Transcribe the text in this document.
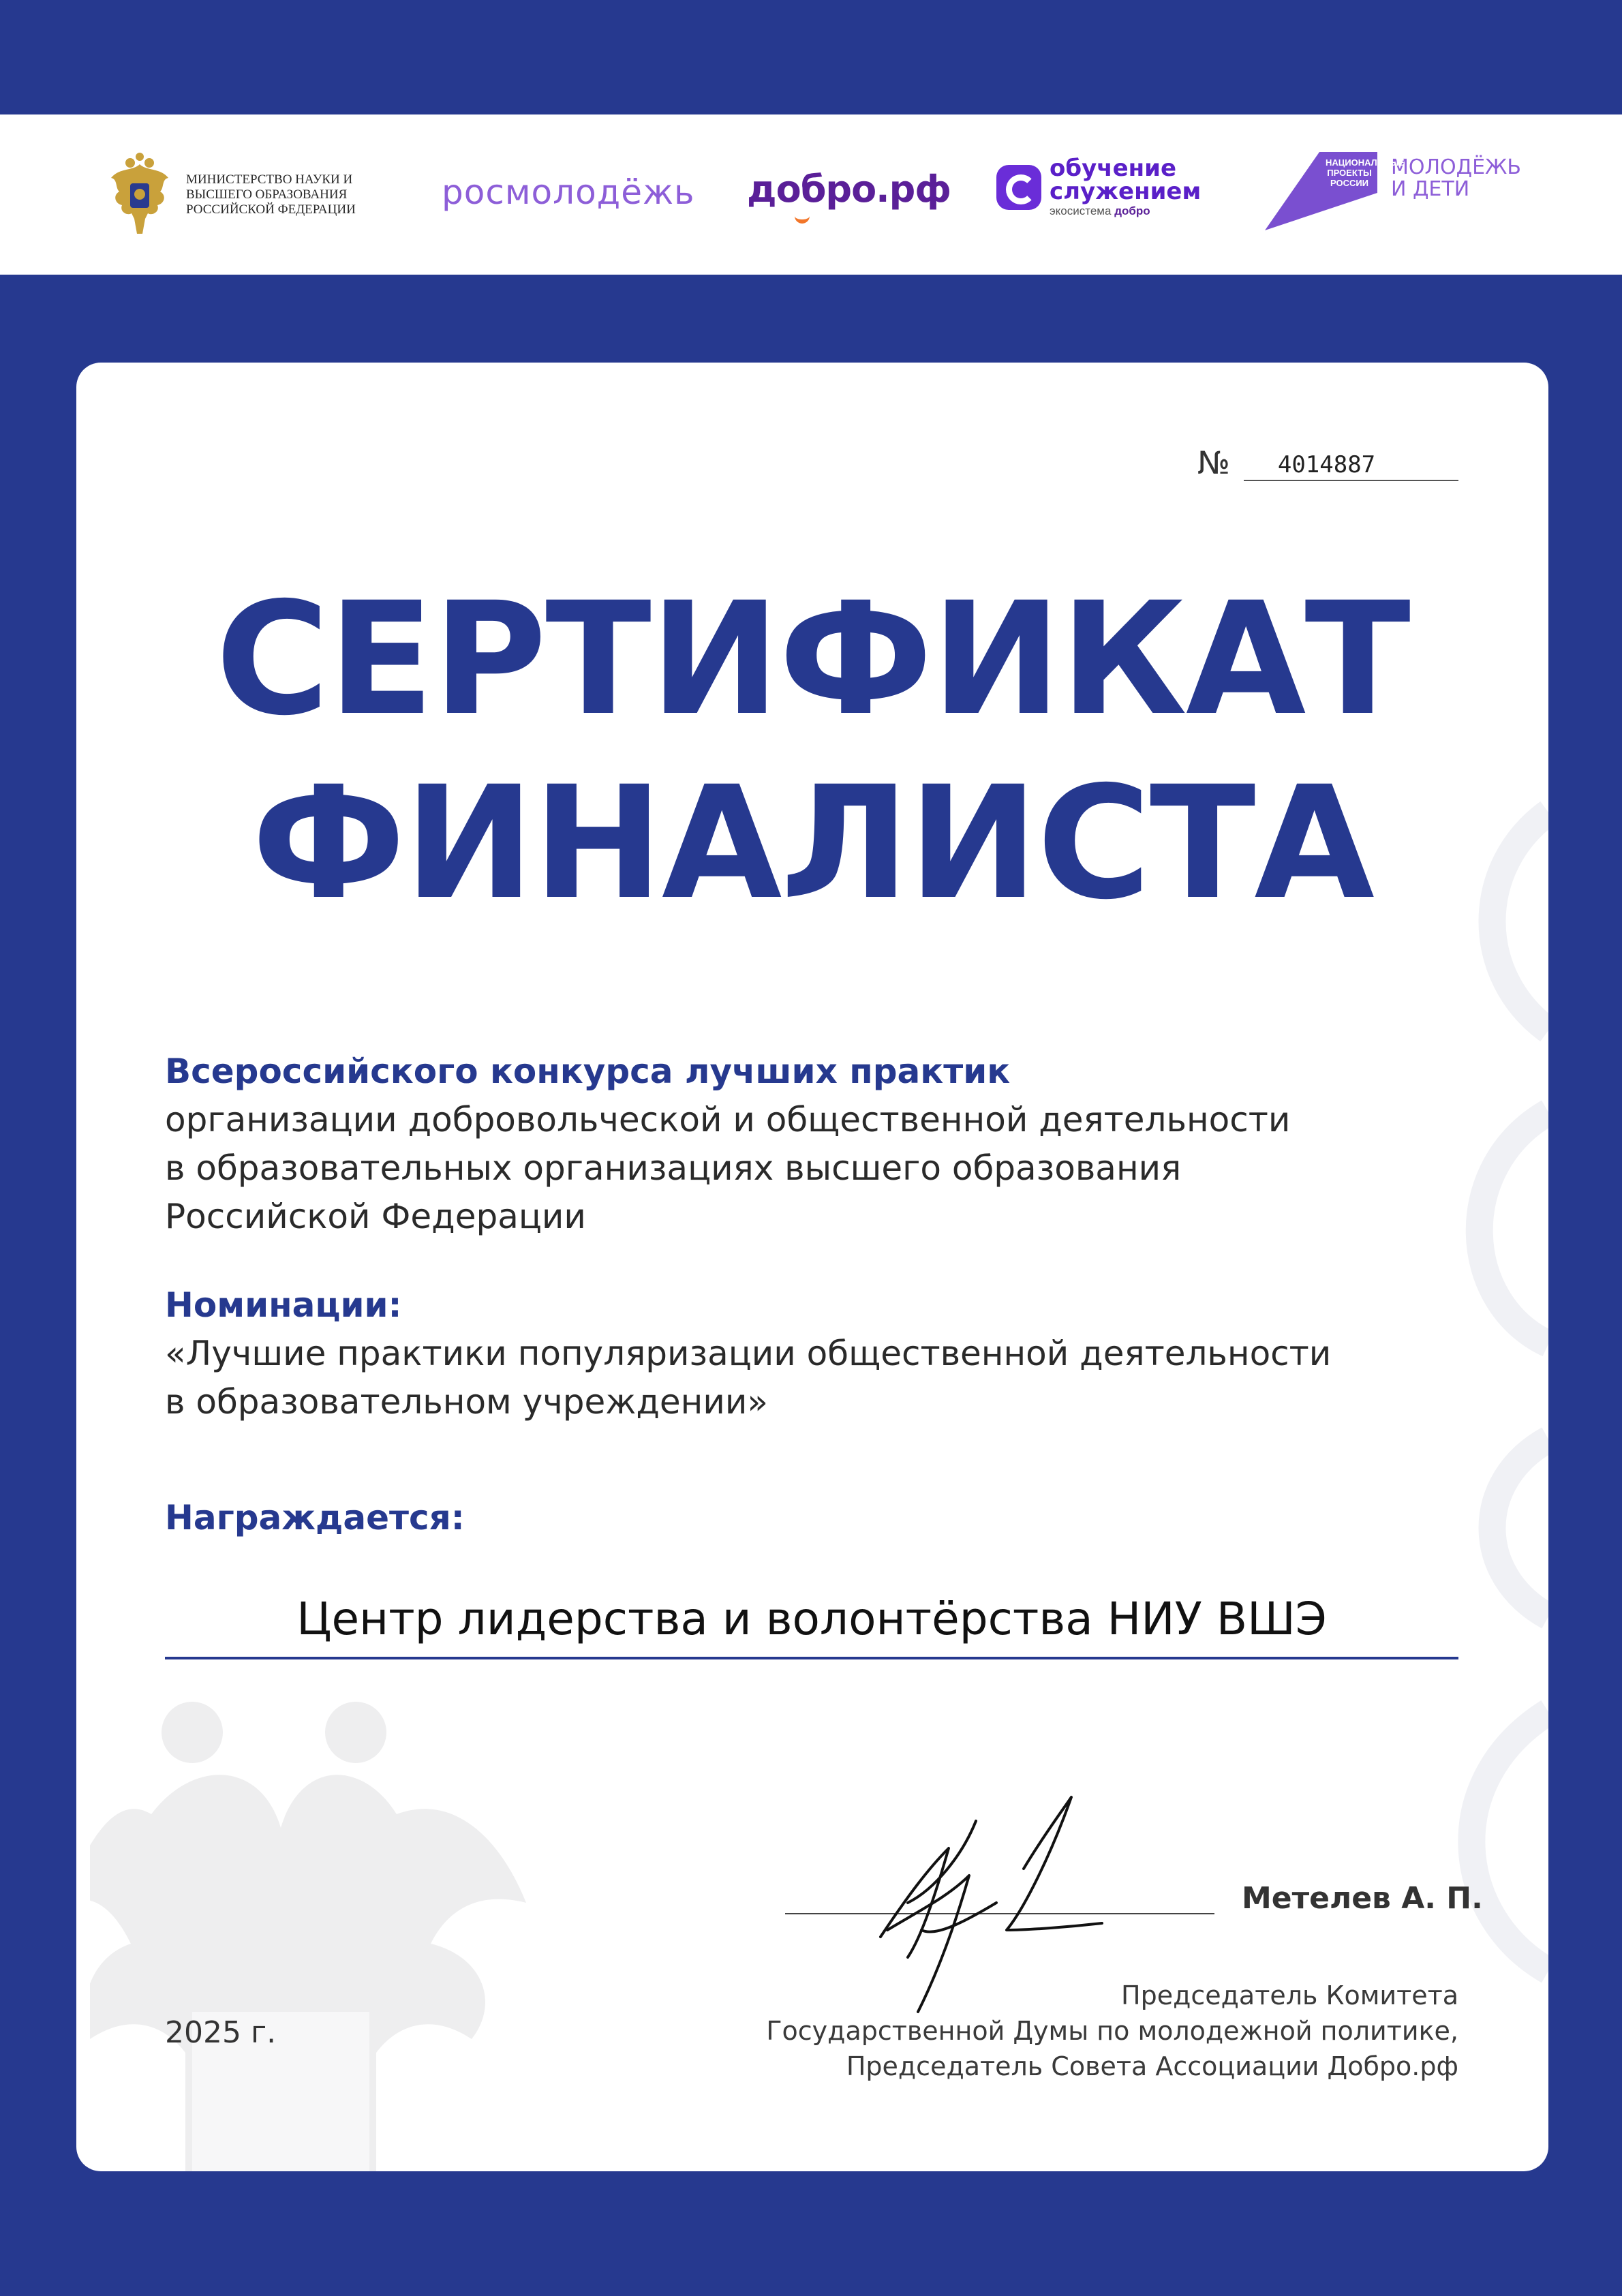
МИНИСТЕРСТВО НАУКИ И ВЫСШЕГО ОБРАЗОВАНИЯ РОССИЙСКОЙ ФЕДЕРАЦИИ	росмолодёжь добро.рф	обучение
служением
экосистема добро
НАЦИОНАЛЬНЫЕ ПРОЕКТЫ РОССИИ
МОЛОДЁЖЬ И ДЕТИ
№	4014887
СЕРТИФИКАТ
ФИНАЛИСТА
Всероссийского конкурса лучших практик
организации добровольческой и общественной деятельности
в образовательных организациях высшего образования
Российской Федерации
Номинации:
«Лучшие практики популяризации общественной деятельности
в образовательном учреждении»
Награждается:
Центр лидерства и волонтёрства НИУ ВШЭ
Метелев А. П.
Председатель Комитета
Государственной Думы по молодежной политике,
Председатель Совета Ассоциации Добро.рф
2025 г.
